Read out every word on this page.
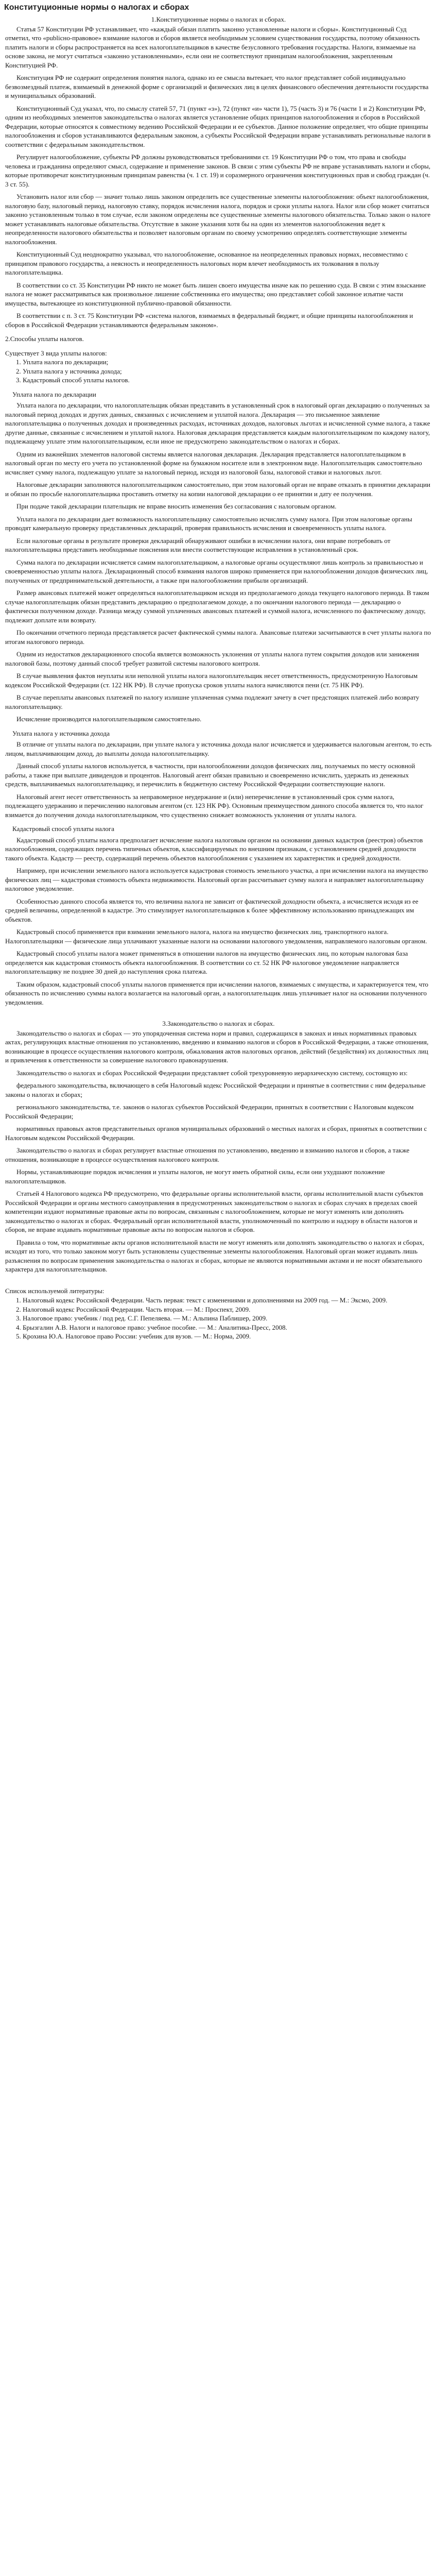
Конституционные нормы о налогах и сборах
1.Конституционные нормы о налогах и сборах.
Статья 57 Конституции РФ устанавливает, что «каждый обязан платить законно установленные налоги и сборы». Конституционный Суд отметил, что «publicно-правовое» взимание налогов и сборов является необходимым условием существования государства, поэтому обязанность платить налоги и сборы распространяется на всех налогоплательщиков в качестве безусловного требования государства. Налоги, взимаемые на основе закона, не могут считаться «законно установленными», если они не соответствуют принципам налогообложения, закрепленным Конституцией РФ.
Конституция РФ не содержит определения понятия налога, однако из ее смысла вытекает, что налог представляет собой индивидуально безвозмездный платеж, взимаемый в денежной форме с организаций и физических лиц в целях финансового обеспечения деятельности государства и муниципальных образований.
Конституционный Суд указал, что, по смыслу статей 57, 71 (пункт «з»), 72 (пункт «и» части 1), 75 (часть 3) и 76 (части 1 и 2) Конституции РФ, одним из необходимых элементов законодательства о налогах является установление общих принципов налогообложения и сборов в Российской Федерации, которые относятся к совместному ведению Российской Федерации и ее субъектов. Данное положение определяет, что общие принципы налогообложения и сборов устанавливаются федеральным законом, а субъекты Российской Федерации вправе устанавливать региональные налоги в соответствии с федеральным законодательством.
Регулирует налогообложение, субъекты РФ должны руководствоваться требованиями ст. 19 Конституции РФ о том, что права и свободы человека и гражданина определяют смысл, содержание и применение законов. В связи с этим субъекты РФ не вправе устанавливать налоги и сборы, которые противоречат конституционным принципам равенства (ч. 1 ст. 19) и соразмерного ограничения конституционных прав и свобод граждан (ч. 3 ст. 55).
Установить налог или сбор — значит только лишь законом определить все существенные элементы налогообложения: объект налогообложения, налоговую базу, налоговый период, налоговую ставку, порядок исчисления налога, порядок и сроки уплаты налога. Налог или сбор может считаться законно установленным только в том случае, если законом определены все существенные элементы налогового обязательства. Только закон о налоге может устанавливать налоговые обязательства. Отсутствие в законе указания хотя бы на один из элементов налогообложения ведет к неопределенности налогового обязательства и позволяет налоговым органам по своему усмотрению определять соответствующие элементы налогообложения.
Конституционный Суд неоднократно указывал, что налогообложение, основанное на неопределенных правовых нормах, несовместимо с принципом правового государства, а неясность и неопределенность налоговых норм влечет необходимость их толкования в пользу налогоплательщика.
В соответствии со ст. 35 Конституции РФ никто не может быть лишен своего имущества иначе как по решению суда. В связи с этим взыскание налога не может рассматриваться как произвольное лишение собственника его имущества; оно представляет собой законное изъятие части имущества, вытекающее из конституционной публично-правовой обязанности.
В соответствии с п. 3 ст. 75 Конституции РФ «система налогов, взимаемых в федеральный бюджет, и общие принципы налогообложения и сборов в Российской Федерации устанавливаются федеральным законом».
2.Способы уплаты налогов.
Существует 3 вида уплаты налогов:
1. Уплата налога по декларации;
2. Уплата налога у источника дохода;
3. Кадастровый способ уплаты налогов.
Уплата налога по декларации
Уплата налога по декларации, что налогоплательщик обязан представить в установленный срок в налоговый орган декларацию о полученных за налоговый период доходах и других данных, связанных с исчислением и уплатой налога. Декларация — это письменное заявление налогоплательщика о полученных доходах и произведенных расходах, источниках доходов, налоговых льготах и исчисленной сумме налога, а также другие данные, связанные с исчислением и уплатой налога. Налоговая декларация представляется каждым налогоплательщиком по каждому налогу, подлежащему уплате этим налогоплательщиком, если иное не предусмотрено законодательством о налогах и сборах.
Одним из важнейших элементов налоговой системы является налоговая декларация. Декларация представляется налогоплательщиком в налоговый орган по месту его учета по установленной форме на бумажном носителе или в электронном виде. Налогоплательщик самостоятельно исчисляет сумму налога, подлежащую уплате за налоговый период, исходя из налоговой базы, налоговой ставки и налоговых льгот.
Налоговые декларации заполняются налогоплательщиком самостоятельно, при этом налоговый орган не вправе отказать в принятии декларации и обязан по просьбе налогоплательщика проставить отметку на копии налоговой декларации о ее принятии и дату ее получения.
При подаче такой декларации плательщик не вправе вносить изменения без согласования с налоговым органом.
Уплата налога по декларации дает возможность налогоплательщику самостоятельно исчислять сумму налога. При этом налоговые органы проводят камеральную проверку представленных деклараций, проверяя правильность исчисления и своевременность уплаты налога.
Если налоговые органы в результате проверки деклараций обнаруживают ошибки в исчислении налога, они вправе потребовать от налогоплательщика представить необходимые пояснения или внести соответствующие исправления в установленный срок.
Сумма налога по декларации исчисляется самим налогоплательщиком, а налоговые органы осуществляют лишь контроль за правильностью и своевременностью уплаты налога. Декларационный способ взимания налогов широко применяется при налогообложении доходов физических лиц, полученных от предпринимательской деятельности, а также при налогообложении прибыли организаций.
Размер авансовых платежей может определяться налогоплательщиком исходя из предполагаемого дохода текущего налогового периода. В таком случае налогоплательщик обязан представить декларацию о предполагаемом доходе, а по окончании налогового периода — декларацию о фактически полученном доходе. Разница между суммой уплаченных авансовых платежей и суммой налога, исчисленного по фактическому доходу, подлежит доплате или возврату.
По окончании отчетного периода представляется расчет фактической суммы налога. Авансовые платежи засчитываются в счет уплаты налога по итогам налогового периода.
Одним из недостатков декларационного способа является возможность уклонения от уплаты налога путем сокрытия доходов или занижения налоговой базы, поэтому данный способ требует развитой системы налогового контроля.
В случае выявления фактов неуплаты или неполной уплаты налога налогоплательщик несет ответственность, предусмотренную Налоговым кодексом Российской Федерации (ст. 122 НК РФ). В случае пропуска сроков уплаты налога начисляются пени (ст. 75 НК РФ).
В случае переплаты авансовых платежей по налогу излишне уплаченная сумма подлежит зачету в счет предстоящих платежей либо возврату налогоплательщику.
Исчисление производится налогоплательщиком самостоятельно.
Уплата налога у источника дохода
В отличие от уплаты налога по декларации, при уплате налога у источника дохода налог исчисляется и удерживается налоговым агентом, то есть лицом, выплачивающим доход, до выплаты дохода налогоплательщику.
Данный способ уплаты налогов используется, в частности, при налогообложении доходов физических лиц, получаемых по месту основной работы, а также при выплате дивидендов и процентов. Налоговый агент обязан правильно и своевременно исчислить, удержать из денежных средств, выплачиваемых налогоплательщику, и перечислить в бюджетную систему Российской Федерации соответствующие налоги.
Налоговый агент несет ответственность за неправомерное неудержание и (или) неперечисление в установленный срок сумм налога, подлежащего удержанию и перечислению налоговым агентом (ст. 123 НК РФ). Основным преимуществом данного способа является то, что налог взимается до получения дохода налогоплательщиком, что существенно снижает возможность уклонения от уплаты налога.
Кадастровый способ уплаты налога
Кадастровый способ уплаты налога предполагает исчисление налога налоговым органом на основании данных кадастров (реестров) объектов налогообложения, содержащих перечень типичных объектов, классифицируемых по внешним признакам, с установлением средней доходности такого объекта. Кадастр — реестр, содержащий перечень объектов налогообложения с указанием их характеристик и средней доходности.
Например, при исчислении земельного налога используется кадастровая стоимость земельного участка, а при исчислении налога на имущество физических лиц — кадастровая стоимость объекта недвижимости. Налоговый орган рассчитывает сумму налога и направляет налогоплательщику налоговое уведомление.
Особенностью данного способа является то, что величина налога не зависит от фактической доходности объекта, а исчисляется исходя из ее средней величины, определенной в кадастре. Это стимулирует налогоплательщиков к более эффективному использованию принадлежащих им объектов.
Кадастровый способ применяется при взимании земельного налога, налога на имущество физических лиц, транспортного налога. Налогоплательщики — физические лица уплачивают указанные налоги на основании налогового уведомления, направляемого налоговым органом.
Кадастровый способ уплаты налога может применяться в отношении налогов на имущество физических лиц, по которым налоговая база определяется как кадастровая стоимость объекта налогообложения. В соответствии со ст. 52 НК РФ налоговое уведомление направляется налогоплательщику не позднее 30 дней до наступления срока платежа.
Таким образом, кадастровый способ уплаты налогов применяется при исчислении налогов, взимаемых с имущества, и характеризуется тем, что обязанность по исчислению суммы налога возлагается на налоговый орган, а налогоплательщик лишь уплачивает налог на основании полученного уведомления.
3.Законодательство о налогах и сборах.
Законодательство о налогах и сборах — это упорядоченная система норм и правил, содержащихся в законах и иных нормативных правовых актах, регулирующих властные отношения по установлению, введению и взиманию налогов и сборов в Российской Федерации, а также отношения, возникающие в процессе осуществления налогового контроля, обжалования актов налоговых органов, действий (бездействия) их должностных лиц и привлечения к ответственности за совершение налогового правонарушения.
Законодательство о налогах и сборах Российской Федерации представляет собой трехуровневую иерархическую систему, состоящую из:
федерального законодательства, включающего в себя Налоговый кодекс Российской Федерации и принятые в соответствии с ним федеральные законы о налогах и сборах;
регионального законодательства, т.е. законов о налогах субъектов Российской Федерации, принятых в соответствии с Налоговым кодексом Российской Федерации;
нормативных правовых актов представительных органов муниципальных образований о местных налогах и сборах, принятых в соответствии с Налоговым кодексом Российской Федерации.
Законодательство о налогах и сборах регулирует властные отношения по установлению, введению и взиманию налогов и сборов, а также отношения, возникающие в процессе осуществления налогового контроля.
Нормы, устанавливающие порядок исчисления и уплаты налогов, не могут иметь обратной силы, если они ухудшают положение налогоплательщиков.
Статьей 4 Налогового кодекса РФ предусмотрено, что федеральные органы исполнительной власти, органы исполнительной власти субъектов Российской Федерации и органы местного самоуправления в предусмотренных законодательством о налогах и сборах случаях в пределах своей компетенции издают нормативные правовые акты по вопросам, связанным с налогообложением, которые не могут изменять или дополнять законодательство о налогах и сборах. Федеральный орган исполнительной власти, уполномоченный по контролю и надзору в области налогов и сборов, не вправе издавать нормативные правовые акты по вопросам налогов и сборов.
Правила о том, что нормативные акты органов исполнительной власти не могут изменять или дополнять законодательство о налогах и сборах, исходят из того, что только законом могут быть установлены существенные элементы налогообложения. Налоговый орган может издавать лишь разъяснения по вопросам применения законодательства о налогах и сборах, которые не являются нормативными актами и не носят обязательного характера для налогоплательщиков.
Список используемой литературы:
1. Налоговый кодекс Российской Федерации. Часть первая: текст с изменениями и дополнениями на 2009 год. — М.: Эксмо, 2009.
2. Налоговый кодекс Российской Федерации. Часть вторая. — М.: Проспект, 2009.
3. Налоговое право: учебник / под ред. С.Г. Пепеляева. — М.: Альпина Паблишер, 2009.
4. Брызгалин А.В. Налоги и налоговое право: учебное пособие. — М.: Аналитика-Пресс, 2008.
5. Крохина Ю.А. Налоговое право России: учебник для вузов. — М.: Норма, 2009.
